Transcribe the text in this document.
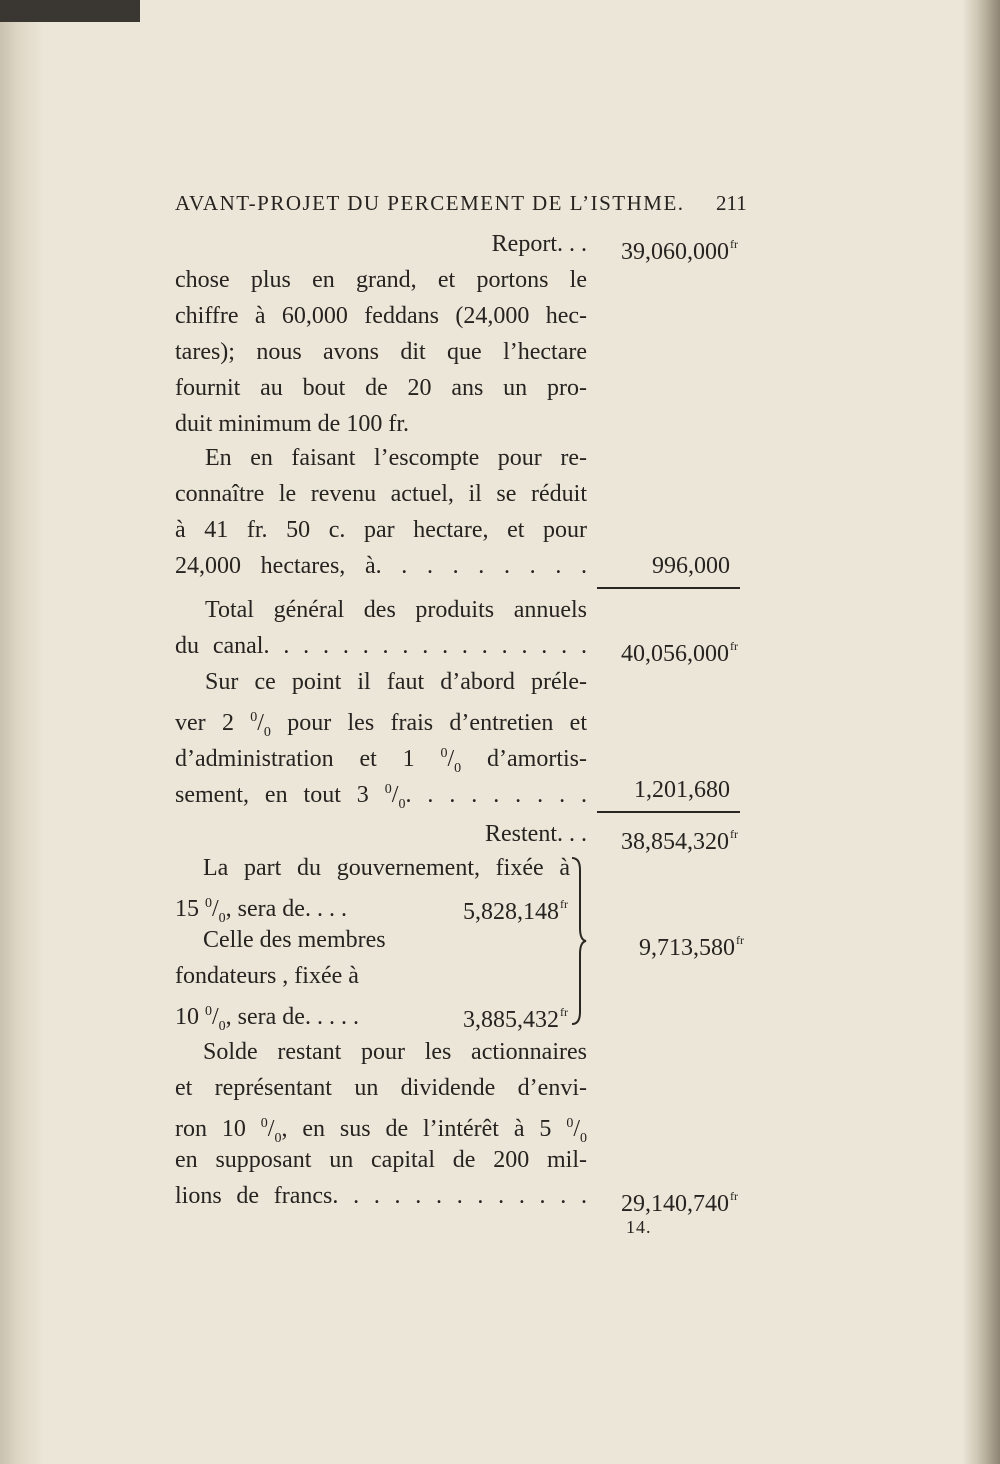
AVANT-PROJET DU PERCEMENT DE L’ISTHME.	211
Report. . . $39,060,000^{fr}$
chose plus en grand, et portons le
chiffre à 60,000 feddans (24,000 hec-
tares); nous avons dit que l’hectare
fournit au bout de 20 ans un pro-
duit minimum de 100 fr.
En en faisant l’escompte pour re-
connaître le revenu actuel, il se réduit
à 41 fr. 50 c. par hectare, et pour
24,000 hectares, à. . . . . . . . .	996,000
Total général des produits annuels
du canal. . . . . . . . . . . . . . . . . $40,056,000^{fr}$
Sur ce point il faut d’abord préle-
ver 2 $^0/_0$ pour les frais d’entretien et
d’administration et 1 $^0/_0$ d’amortis-
sement, en tout 3 $^0/_0$. . . . . . . . . 1,201,680
Restent. . . $38,854,320^{fr}$
La part du gouvernement, fixée à
15 $^0/_0$, sera de. . . .	$5,828,148^{fr}$
Celle des membres	$9,713,580^{fr}$
fondateurs , fixée à
10 $^0/_0$, sera de. . . . .	$3,885,432^{fr}$
Solde restant pour les actionnaires
et représentant un dividende d’envi-
ron 10 $^0/_0$, en sus de l’intérêt à 5 $^0/_0$
en supposant un capital de 200 mil-
lions de francs. . . . . . . . . . . . . $29,140,740^{fr}$
14.
